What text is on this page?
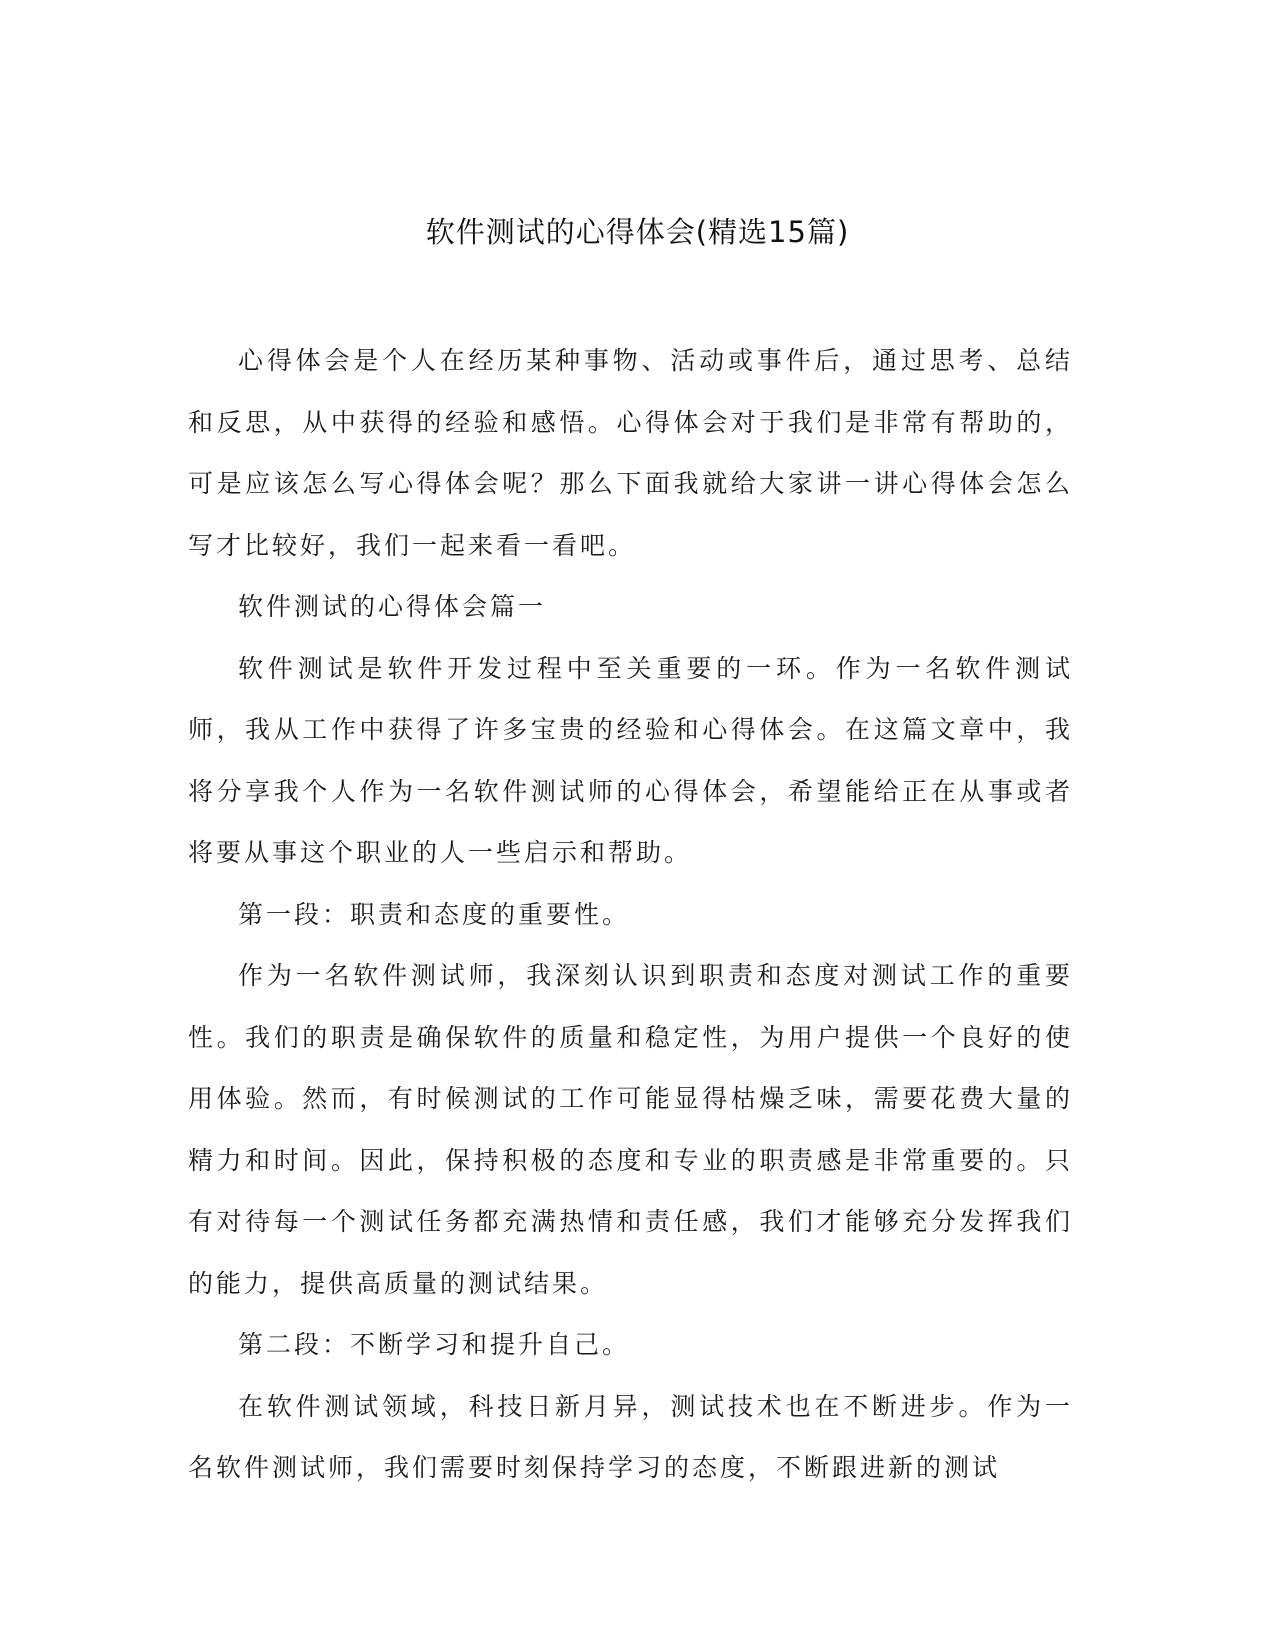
软件测试的心得体会(精选15篇)

心得体会是个人在经历某种事物、活动或事件后，通过思考、总结和反思，从中获得的经验和感悟。心得体会对于我们是非常有帮助的，可是应该怎么写心得体会呢？那么下面我就给大家讲一讲心得体会怎么写才比较好，我们一起来看一看吧。

软件测试的心得体会篇一

软件测试是软件开发过程中至关重要的一环。作为一名软件测试师，我从工作中获得了许多宝贵的经验和心得体会。在这篇文章中，我将分享我个人作为一名软件测试师的心得体会，希望能给正在从事或者将要从事这个职业的人一些启示和帮助。

第一段：职责和态度的重要性。

作为一名软件测试师，我深刻认识到职责和态度对测试工作的重要性。我们的职责是确保软件的质量和稳定性，为用户提供一个良好的使用体验。然而，有时候测试的工作可能显得枯燥乏味，需要花费大量的精力和时间。因此，保持积极的态度和专业的职责感是非常重要的。只有对待每一个测试任务都充满热情和责任感，我们才能够充分发挥我们的能力，提供高质量的测试结果。

第二段：不断学习和提升自己。

在软件测试领域，科技日新月异，测试技术也在不断进步。作为一名软件测试师，我们需要时刻保持学习的态度，不断跟进新的测试
